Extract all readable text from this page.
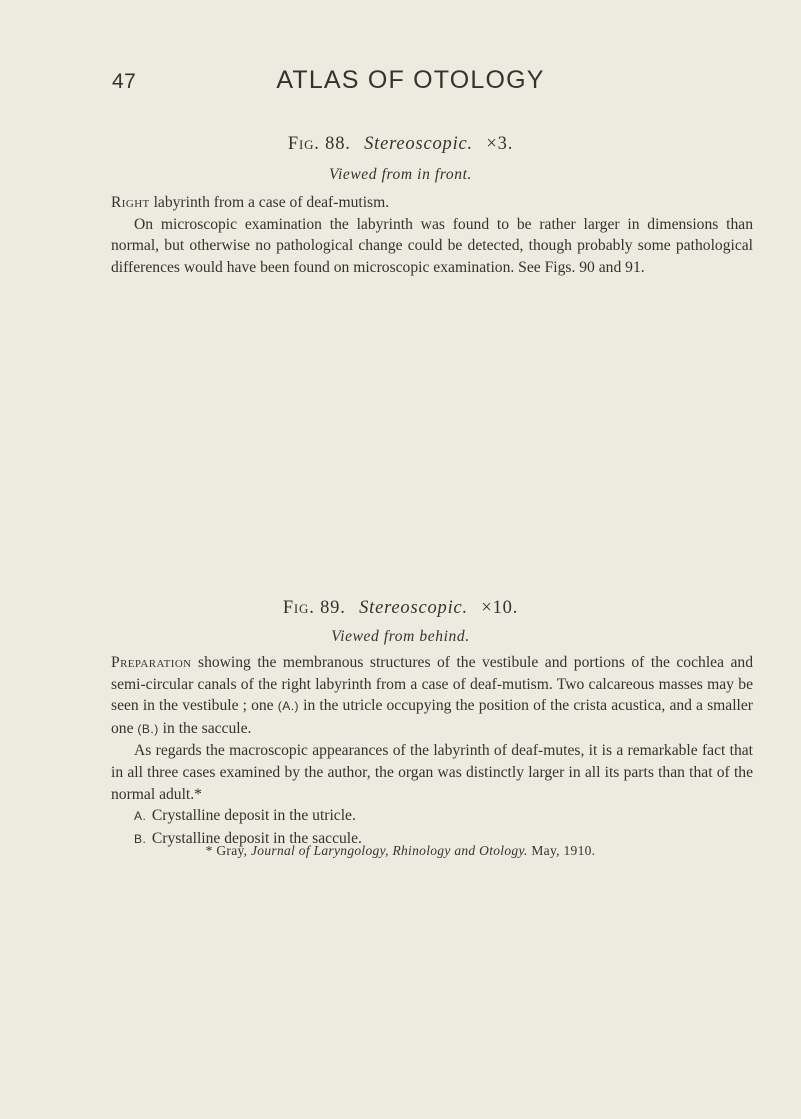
47	ATLAS OF OTOLOGY
Fig. 88. Stereoscopic. ×3.
Viewed from in front.

Right labyrinth from a case of deaf-mutism.

On microscopic examination the labyrinth was found to be rather larger in dimensions than normal, but otherwise no pathological change could be detected, though probably some pathological differences would have been found on microscopic examination. See Figs. 90 and 91.

Fig. 89. Stereoscopic. ×10.
Viewed from behind.

Preparation showing the membranous structures of the vestibule and portions of the cochlea and semi-circular canals of the right labyrinth from a case of deaf-mutism. Two calcareous masses may be seen in the vestibule ; one (A.) in the utricle occupying the position of the crista acustica, and a smaller one (B.) in the saccule.

As regards the macroscopic appearances of the labyrinth of deaf-mutes, it is a remarkable fact that in all three cases examined by the author, the organ was distinctly larger in all its parts than that of the normal adult.*

A. Crystalline deposit in the utricle.
B. Crystalline deposit in the saccule.
* Gray, Journal of Laryngology, Rhinology and Otology. May, 1910.
